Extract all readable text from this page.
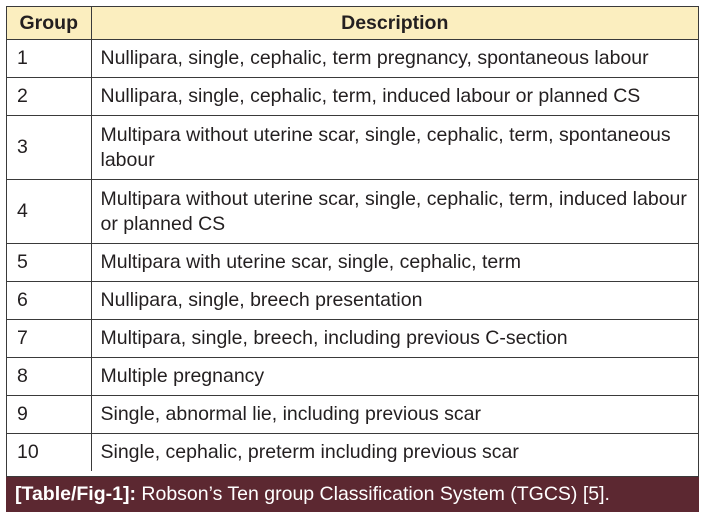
Group	Description
1	Nullipara, single, cephalic, term pregnancy, spontaneous labour
2	Nullipara, single, cephalic, term, induced labour or planned CS
3	Multipara without uterine scar, single, cephalic, term, spontaneous labour
4	Multipara without uterine scar, single, cephalic, term, induced labour or planned CS
5	Multipara with uterine scar, single, cephalic, term
6	Nullipara, single, breech presentation
7	Multipara, single, breech, including previous C-section
8	Multiple pregnancy
9	Single, abnormal lie, including previous scar
10	Single, cephalic, preterm including previous scar
[Table/Fig-1]: Robson’s Ten group Classification System (TGCS) [5].
